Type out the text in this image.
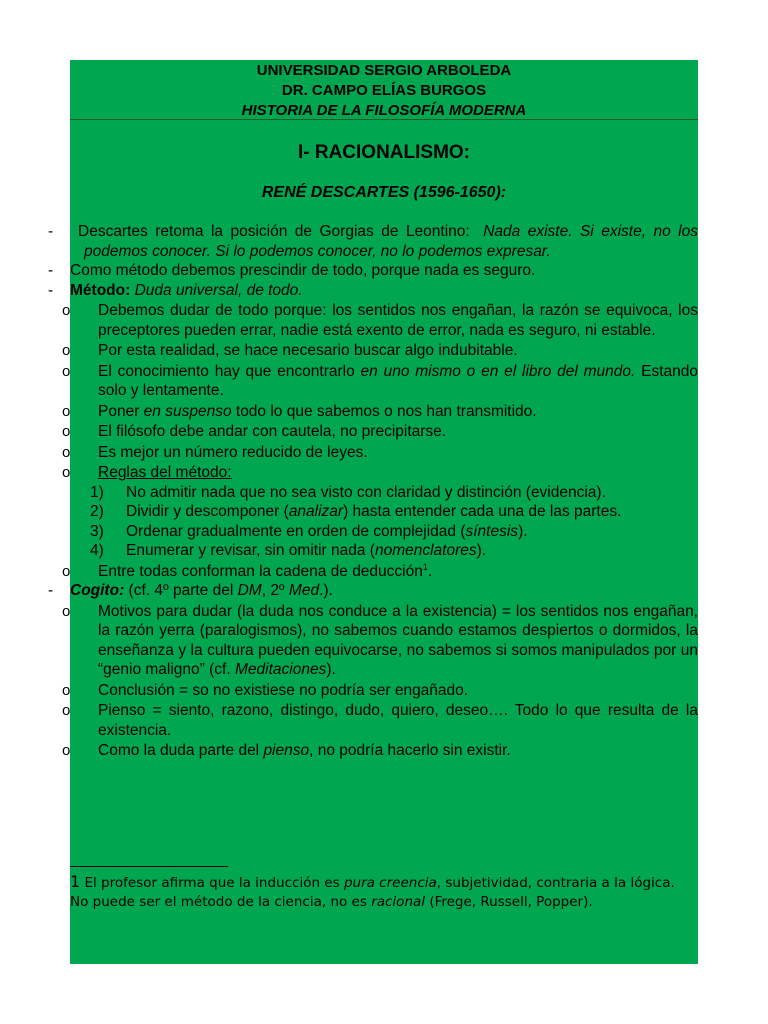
UNIVERSIDAD SERGIO ARBOLEDA
DR. CAMPO ELÍAS BURGOS
HISTORIA DE LA FILOSOFÍA MODERNA
I- RACIONALISMO:
RENÉ DESCARTES (1596-1650):
- Descartes retoma la posición de Gorgias de Leontino: Nada existe. Si existe, no los podemos conocer. Si lo podemos conocer, no lo podemos expresar.
- Como método debemos prescindir de todo, porque nada es seguro.
- Método: Duda universal, de todo.
o Debemos dudar de todo porque: los sentidos nos engañan, la razón se equivoca, los preceptores pueden errar, nadie está exento de error, nada es seguro, ni estable.
o Por esta realidad, se hace necesario buscar algo indubitable.
o El conocimiento hay que encontrarlo en uno mismo o en el libro del mundo. Estando solo y lentamente.
o Poner en suspenso todo lo que sabemos o nos han transmitido.
o El filósofo debe andar con cautela, no precipitarse.
o Es mejor un número reducido de leyes.
o Reglas del método:
1) No admitir nada que no sea visto con claridad y distinción (evidencia).
2) Dividir y descomponer (analizar) hasta entender cada una de las partes.
3) Ordenar gradualmente en orden de complejidad (síntesis).
4) Enumerar y revisar, sin omitir nada (nomenclatores).
o Entre todas conforman la cadena de deducción$^1$.
- Cogito: (cf. 4º parte del DM, 2º Med.).
o Motivos para dudar (la duda nos conduce a la existencia) = los sentidos nos engañan, la razón yerra (paralogismos), no sabemos cuando estamos despiertos o dormidos, la enseñanza y la cultura pueden equivocarse, no sabemos si somos manipulados por un “genio maligno” (cf. Meditaciones).
o Conclusión = so no existiese no podría ser engañado.
o Pienso = siento, razono, distingo, dudo, quiero, deseo…. Todo lo que resulta de la existencia.
o Como la duda parte del pienso, no podría hacerlo sin existir.
1 El profesor afirma que la inducción es pura creencia, subjetividad, contraria a la lógica. No puede ser el método de la ciencia, no es racional (Frege, Russell, Popper).
